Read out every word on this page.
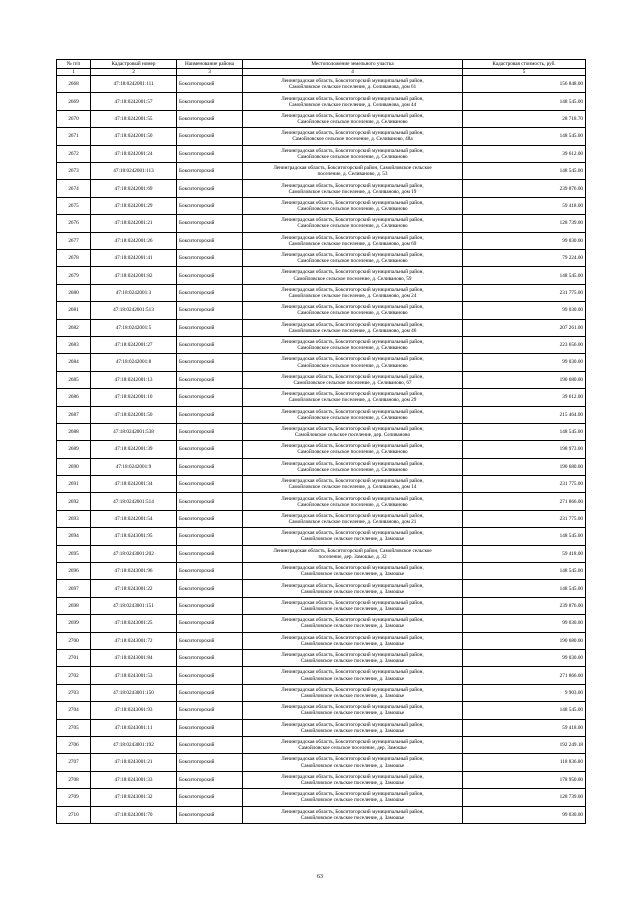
№ п/п	Кадастровый номер	Наименование района	Местоположение земельного участка	Кадастровая стоимость, руб.
1	2	3	4	5
2668	47:18:0242001:111	Бокситогорский	Ленинградская область, Бокситогорский муниципальный район,
Самойловское сельское поселение, д. Селиванова, дом 61	156 848.00
2669	47:18:0242001:57	Бокситогорский	Ленинградская область, Бокситогорский муниципальный район,
Самойловское сельское поселение, д. Селиванова, дом 44	148 545.00
2670	47:18:0242001:55	Бокситогорский	Ленинградская область, Бокситогорский муниципальный район,
Самойловское сельское поселение, д. Селиваново	28 718.70
2671	47:18:0242001:50	Бокситогорский	Ленинградская область, Бокситогорский муниципальный район,
Самойловское сельское поселение, д. Селиваново, 48а	148 545.00
2672	47:18:0242001:24	Бокситогорский	Ленинградская область, Бокситогорский муниципальный район,
Самойловское сельское поселение, д. Селиваново	39 612.00
2673	47:18:0242001:113	Бокситогорский	Ленинградская область, Бокситогорский район, Самойловское сельское
поселение, д. Селиваново, д. 53	148 545.00
2674	47:18:0242001:69	Бокситогорский	Ленинградская область, Бокситогорский муниципальный район,
Самойловское сельское поселение, д. Селиваново, дом 19	239 876.00
2675	47:18:0242001:29	Бокситогорский	Ленинградская область, Бокситогорский муниципальный район,
Самойловское сельское поселение, д. Селиваново	59 418.00
2676	47:18:0242001:21	Бокситогорский	Ленинградская область, Бокситогорский муниципальный район,
Самойловское сельское поселение, д. Селиваново	128 739.00
2677	47:18:0242001:26	Бокситогорский	Ленинградская область, Бокситогорский муниципальный район,
Самойловское сельское поселение, д. Селиваново, дом 69	99 030.00
2678	47:18:0242001:41	Бокситогорский	Ленинградская область, Бокситогорский муниципальный район,
Самойловское сельское поселение, д. Селиваново	79 224.00
2679	47:18:0242001:82	Бокситогорский	Ленинградская область, Бокситогорский муниципальный район,
Самойловское сельское поселение, д. Селиваново, 59	148 545.00
2680	47:18:0242001:3	Бокситогорский	Ленинградская область, Бокситогорский муниципальный район,
Самойловское сельское поселение, д. Селиваново, дом 24	231 775.00
2681	47:18:0242001:513	Бокситогорский	Ленинградская область, Бокситогорский муниципальный район,
Самойловское сельское поселение, д. Селиваново	99 030.00
2682	47:18:0242001:5	Бокситогорский	Ленинградская область, Бокситогорский муниципальный район,
Самойловское сельское поселение, д. Селиваново, дом 46	207 261.00
2683	47:18:0242001:27	Бокситогорский	Ленинградская область, Бокситогорский муниципальный район,
Самойловское сельское поселение, д. Селиваново	223 656.00
2684	47:18:0242001:8	Бокситогорский	Ленинградская область, Бокситогорский муниципальный район,
Самойловское сельское поселение, д. Селиваново	99 030.00
2685	47:18:0242001:13	Бокситогорский	Ленинградская область, Бокситогорский муниципальный район,
Самойловское сельское поселение, д. Селиваново, 67	190 680.00
2686	47:18:0242001:10	Бокситогорский	Ленинградская область, Бокситогорский муниципальный район,
Самойловское сельское поселение, д. Селиваново, дом 29	39 612.00
2687	47:18:0242001:50	Бокситогорский	Ленинградская область, Бокситогорский муниципальный район,
Самойловское сельское поселение, д. Селиваново	215 464.00
2688	47:18:0242001:538	Бокситогорский	Ленинградская область, Бокситогорский муниципальный район,
Самойловское сельское поселение, дер. Селиваново	148 545.00
2689	47:18:0242001:39	Бокситогорский	Ленинградская область, Бокситогорский муниципальный район,
Самойловское сельское поселение, д. Селиваново	198 973.00
2690	47:18:0242001:9	Бокситогорский	Ленинградская область, Бокситогорский муниципальный район,
Самойловское сельское поселение, д. Селиваново	190 680.00
2691	47:18:0242001:34	Бокситогорский	Ленинградская область, Бокситогорский муниципальный район,
Самойловское сельское поселение, д. Селиваново, дом 14	231 775.00
2692	47:18:0242001:514	Бокситогорский	Ленинградская область, Бокситогорский муниципальный район,
Самойловское сельское поселение, д. Селиваново	271 866.00
2693	47:18:0242001:54	Бокситогорский	Ленинградская область, Бокситогорский муниципальный район,
Самойловское сельское поселение, д. Селиваново, дом 21	231 775.00
2694	47:18:0243001:95	Бокситогорский	Ленинградская область, Бокситогорский муниципальный район,
Самойловское сельское поселение, д. Замошье	148 545.00
2695	47:18:0243001:202	Бокситогорский	Ленинградская область, Бокситогорский район, Самойловское сельское
поселение, дер. Замошье, д. 32	59 418.00
2696	47:18:0243001:96	Бокситогорский	Ленинградская область, Бокситогорский муниципальный район,
Самойловское сельское поселение, д. Замошье	148 545.00
2697	47:18:0243001:22	Бокситогорский	Ленинградская область, Бокситогорский муниципальный район,
Самойловское сельское поселение, д. Замошье	148 545.00
2698	47:18:0243001:151	Бокситогорский	Ленинградская область, Бокситогорский муниципальный район,
Самойловское сельское поселение, д. Замошье	239 876.00
2699	47:18:0243001:25	Бокситогорский	Ленинградская область, Бокситогорский муниципальный район,
Самойловское сельское поселение, д. Замошье	99 030.00
2700	47:18:0243001:72	Бокситогорский	Ленинградская область, Бокситогорский муниципальный район,
Самойловское сельское поселение, д. Замошье	190 680.00
2701	47:18:0243001:84	Бокситогорский	Ленинградская область, Бокситогорский муниципальный район,
Самойловское сельское поселение, д. Замошье	99 030.00
2702	47:18:0243001:53	Бокситогорский	Ленинградская область, Бокситогорский муниципальный район,
Самойловское сельское поселение, д. Замошье	271 866.00
2703	47:18:0243001:150	Бокситогорский	Ленинградская область, Бокситогорский муниципальный район,
Самойловское сельское поселение, д. Замошье	9 903.00
2704	47:18:0243001:93	Бокситогорский	Ленинградская область, Бокситогорский муниципальный район,
Самойловское сельское поселение, д. Замошье	148 545.00
2705	47:18:0243001:11	Бокситогорский	Ленинградская область, Бокситогорский муниципальный район,
Самойловское сельское поселение, д. Замошье	59 418.00
2706	47:18:0243001:192	Бокситогорский	Ленинградская область, Бокситогорский муниципальный район,
Самойловское сельское поселение, дер. Замошье	192 249.18
2707	47:18:0243001:21	Бокситогорский	Ленинградская область, Бокситогорский муниципальный район,
Самойловское сельское поселение, д. Замошье	118 836.00
2708	47:18:0243001:33	Бокситогорский	Ленинградская область, Бокситогорский муниципальный район,
Самойловское сельское поселение, д. Замошье	178 950.00
2709	47:18:0243001:32	Бокситогорский	Ленинградская область, Бокситогорский муниципальный район,
Самойловское сельское поселение, д. Замошье	128 739.00
2710	47:18:0243001:70	Бокситогорский	Ленинградская область, Бокситогорский муниципальный район,
Самойловское сельское поселение, д. Замошье	99 030.00
63
